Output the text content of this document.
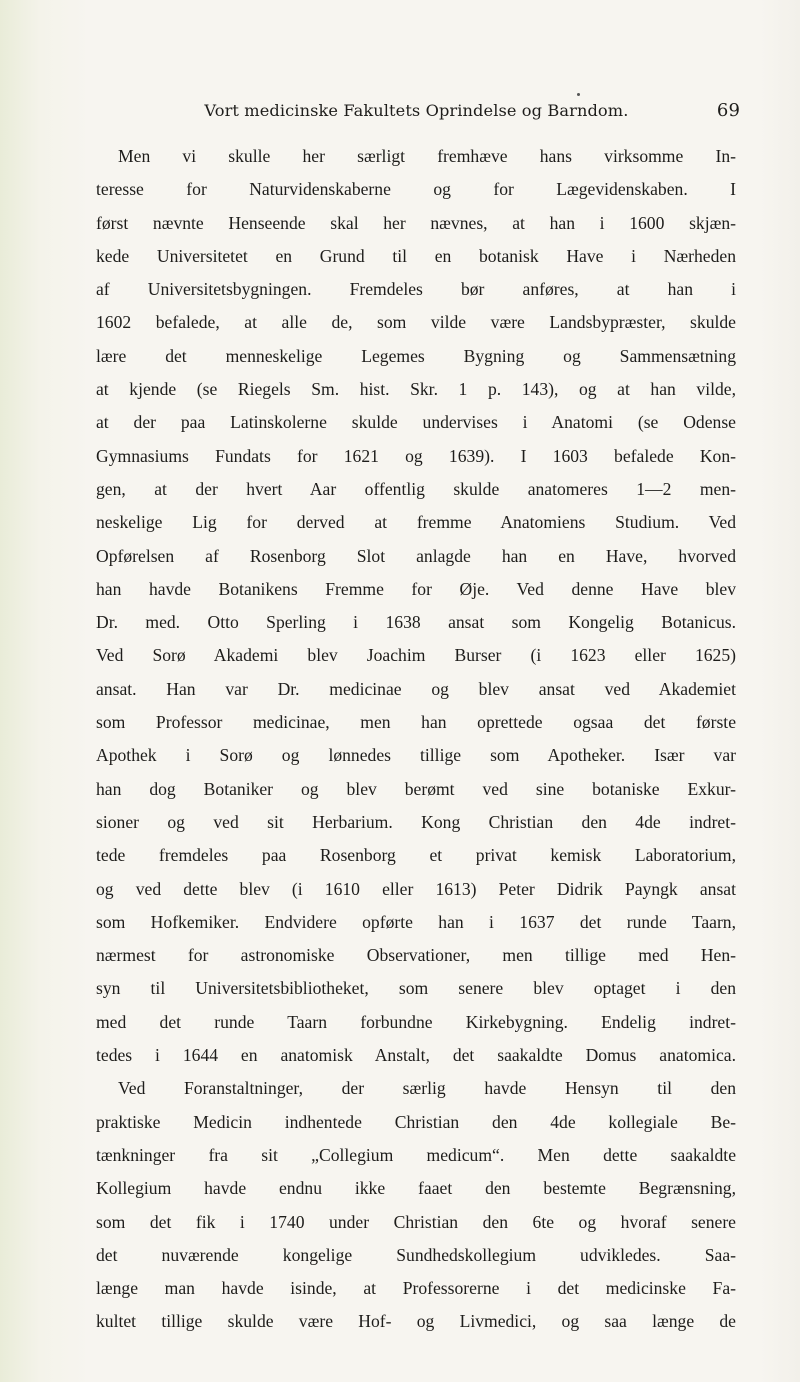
Vort medicinske Fakultets Oprindelse og Barndom.	69
Men vi skulle her særligt fremhæve hans virksomme In-
teresse for Naturvidenskaberne og for Lægevidenskaben. I
først nævnte Henseende skal her nævnes, at han i 1600 skjæn-
kede Universitetet en Grund til en botanisk Have i Nærheden
af Universitetsbygningen. Fremdeles bør anføres, at han i
1602 befalede, at alle de, som vilde være Landsbypræster, skulde
lære det menneskelige Legemes Bygning og Sammensætning
at kjende (se Riegels Sm. hist. Skr. 1 p. 143), og at han vilde,
at der paa Latinskolerne skulde undervises i Anatomi (se Odense
Gymnasiums Fundats for 1621 og 1639). I 1603 befalede Kon-
gen, at der hvert Aar offentlig skulde anatomeres 1—2 men-
neskelige Lig for derved at fremme Anatomiens Studium. Ved
Opførelsen af Rosenborg Slot anlagde han en Have, hvorved
han havde Botanikens Fremme for Øje. Ved denne Have blev
Dr. med. Otto Sperling i 1638 ansat som Kongelig Botanicus.
Ved Sorø Akademi blev Joachim Burser (i 1623 eller 1625)
ansat. Han var Dr. medicinae og blev ansat ved Akademiet
som Professor medicinae, men han oprettede ogsaa det første
Apothek i Sorø og lønnedes tillige som Apotheker. Især var
han dog Botaniker og blev berømt ved sine botaniske Exkur-
sioner og ved sit Herbarium. Kong Christian den 4de indret-
tede fremdeles paa Rosenborg et privat kemisk Laboratorium,
og ved dette blev (i 1610 eller 1613) Peter Didrik Payngk ansat
som Hofkemiker. Endvidere opførte han i 1637 det runde Taarn,
nærmest for astronomiske Observationer, men tillige med Hen-
syn til Universitetsbibliotheket, som senere blev optaget i den
med det runde Taarn forbundne Kirkebygning. Endelig indret-
tedes i 1644 en anatomisk Anstalt, det saakaldte Domus anatomica.
Ved Foranstaltninger, der særlig havde Hensyn til den
praktiske Medicin indhentede Christian den 4de kollegiale Be-
tænkninger fra sit „Collegium medicum“. Men dette saakaldte
Kollegium havde endnu ikke faaet den bestemte Begrænsning,
som det fik i 1740 under Christian den 6te og hvoraf senere
det nuværende kongelige Sundhedskollegium udvikledes. Saa-
længe man havde isinde, at Professorerne i det medicinske Fa-
kultet tillige skulde være Hof- og Livmedici, og saa længe de
